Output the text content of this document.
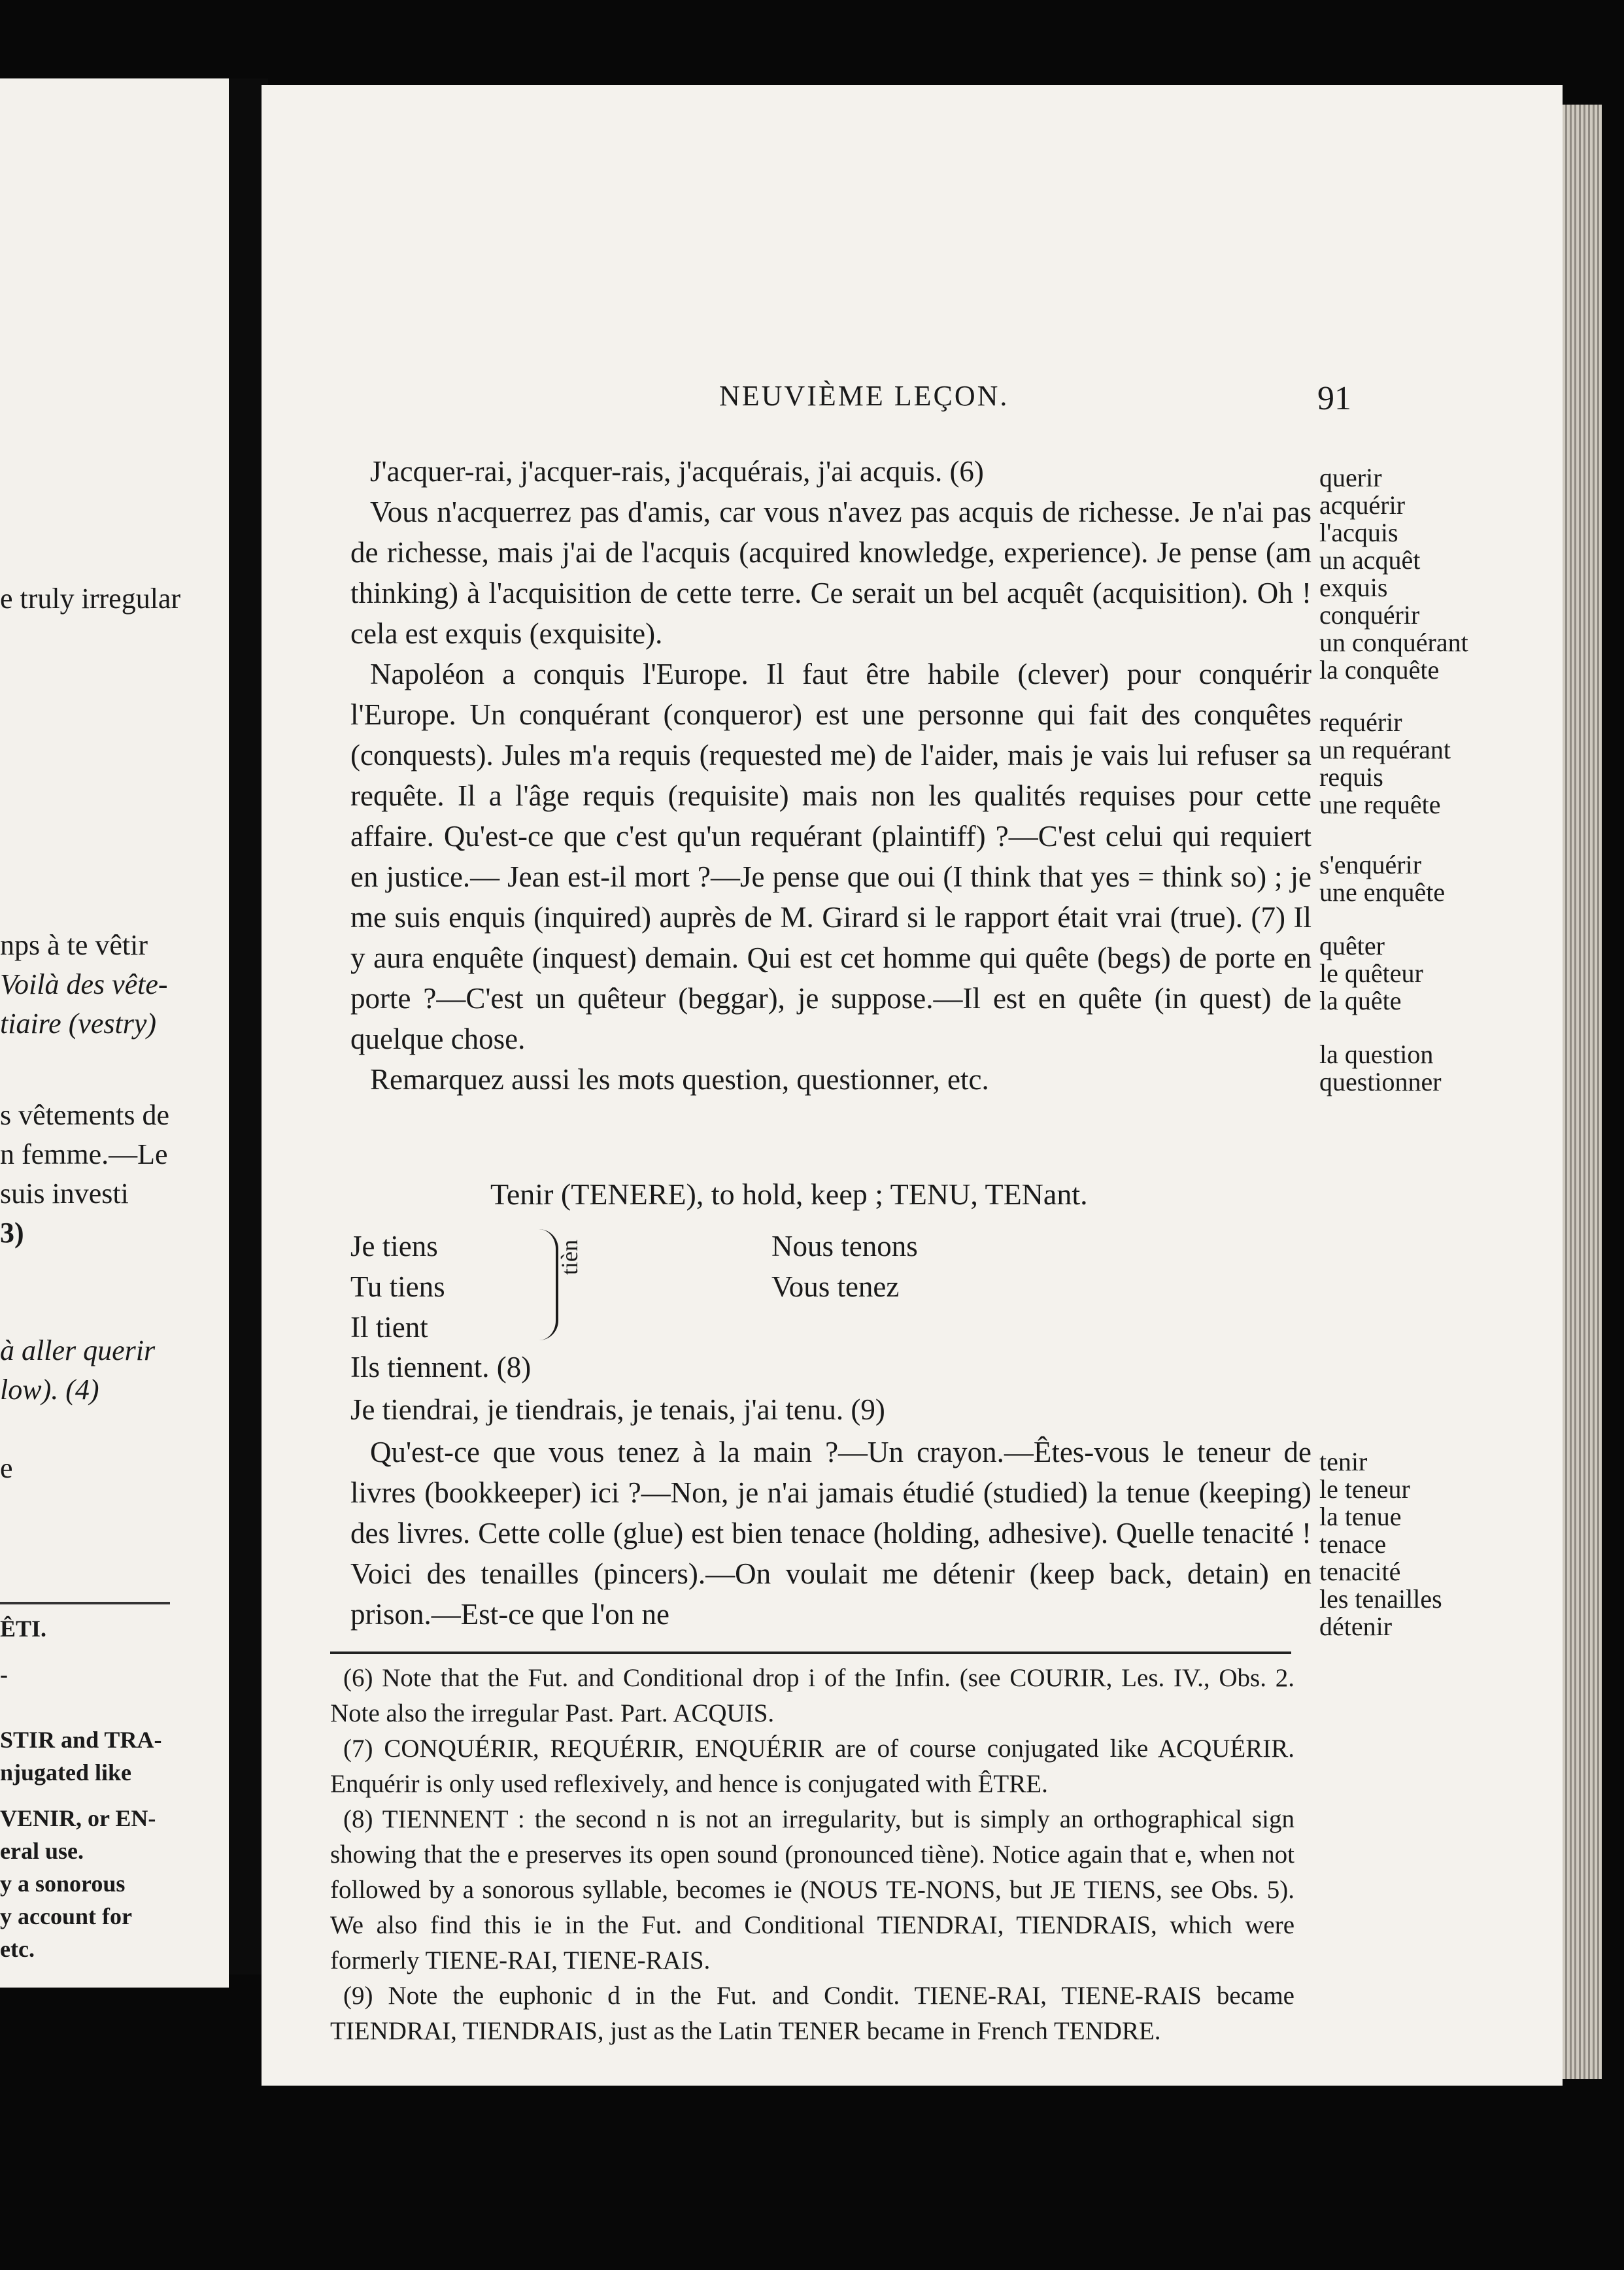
e truly irregular
nps à te vêtir
Voilà des vête-
tiaire (vestry)
s vêtements de
n femme.—Le
suis investi
3)
à aller querir
low). (4)
e
ÊTI.
-
STIR and TRA-
njugated like
VENIR, or EN-
eral use.
y a sonorous
y account for
etc.
NEUVIÈME LEÇON.	91

J'acquer-rai, j'acquer-rais, j'acquérais, j'ai acquis. (6)

Vous n'acquerrez pas d'amis, car vous n'avez pas acquis de richesse. Je n'ai pas de richesse, mais j'ai de l'acquis (acquired knowledge, experience). Je pense (am thinking) à l'acquisition de cette terre. Ce serait un bel acquêt (acquisition). Oh ! cela est exquis (exquisite).

Napoléon a conquis l'Europe. Il faut être habile (clever) pour conquérir l'Europe. Un conquérant (conqueror) est une personne qui fait des conquêtes (conquests). Jules m'a requis (requested me) de l'aider, mais je vais lui refuser sa requête. Il a l'âge requis (requisite) mais non les qualités requises pour cette affaire. Qu'est-ce que c'est qu'un requérant (plaintiff) ?—C'est celui qui requiert en justice.— Jean est-il mort ?—Je pense que oui (I think that yes = think so) ; je me suis enquis (inquired) auprès de M. Girard si le rapport était vrai (true). (7) Il y aura enquête (inquest) demain. Qui est cet homme qui quête (begs) de porte en porte ?—C'est un quêteur (beggar), je suppose.—Il est en quête (in quest) de quelque chose.

Remarquez aussi les mots question, questionner, etc.

querir
acquérir
l'acquis
un acquêt
exquis
conquérir
un conquérant
la conquête
requérir
un requérant
requis
une requête
s'enquérir
une enquête
quêter
le quêteur
la quête
la question
questionner
Tenir (TENERE), to hold, keep ; TENU, TENant.
Je tiens
Tu tiens
Il tient
tièn	Nous tenons
Vous tenez
Ils tiennent. (8)
Je tiendrai, je tiendrais, je tenais, j'ai tenu. (9)

Qu'est-ce que vous tenez à la main ?—Un crayon.—Êtes-vous le teneur de livres (bookkeeper) ici ?—Non, je n'ai jamais étudié (studied) la tenue (keeping) des livres. Cette colle (glue) est bien tenace (holding, adhesive). Quelle tenacité ! Voici des tenailles (pincers).—On voulait me détenir (keep back, detain) en prison.—Est-ce que l'on ne

tenir
le teneur
la tenue
tenace
tenacité
les tenailles
détenir

(6) Note that the Fut. and Conditional drop i of the Infin. (see COURIR, Les. IV., Obs. 2. Note also the irregular Past. Part. ACQUIS.

(7) CONQUÉRIR, REQUÉRIR, ENQUÉRIR are of course conjugated like ACQUÉRIR. Enquérir is only used reflexively, and hence is conjugated with ÊTRE.

(8) TIENNENT : the second n is not an irregularity, but is simply an orthographical sign showing that the e preserves its open sound (pronounced tiène). Notice again that e, when not followed by a sonorous syllable, becomes ie (NOUS TE-NONS, but JE TIENS, see Obs. 5). We also find this ie in the Fut. and Conditional TIENDRAI, TIENDRAIS, which were formerly TIENE-RAI, TIENE-RAIS.

(9) Note the euphonic d in the Fut. and Condit. TIENE-RAI, TIENE-RAIS became TIENDRAI, TIENDRAIS, just as the Latin TENER became in French TENDRE.
